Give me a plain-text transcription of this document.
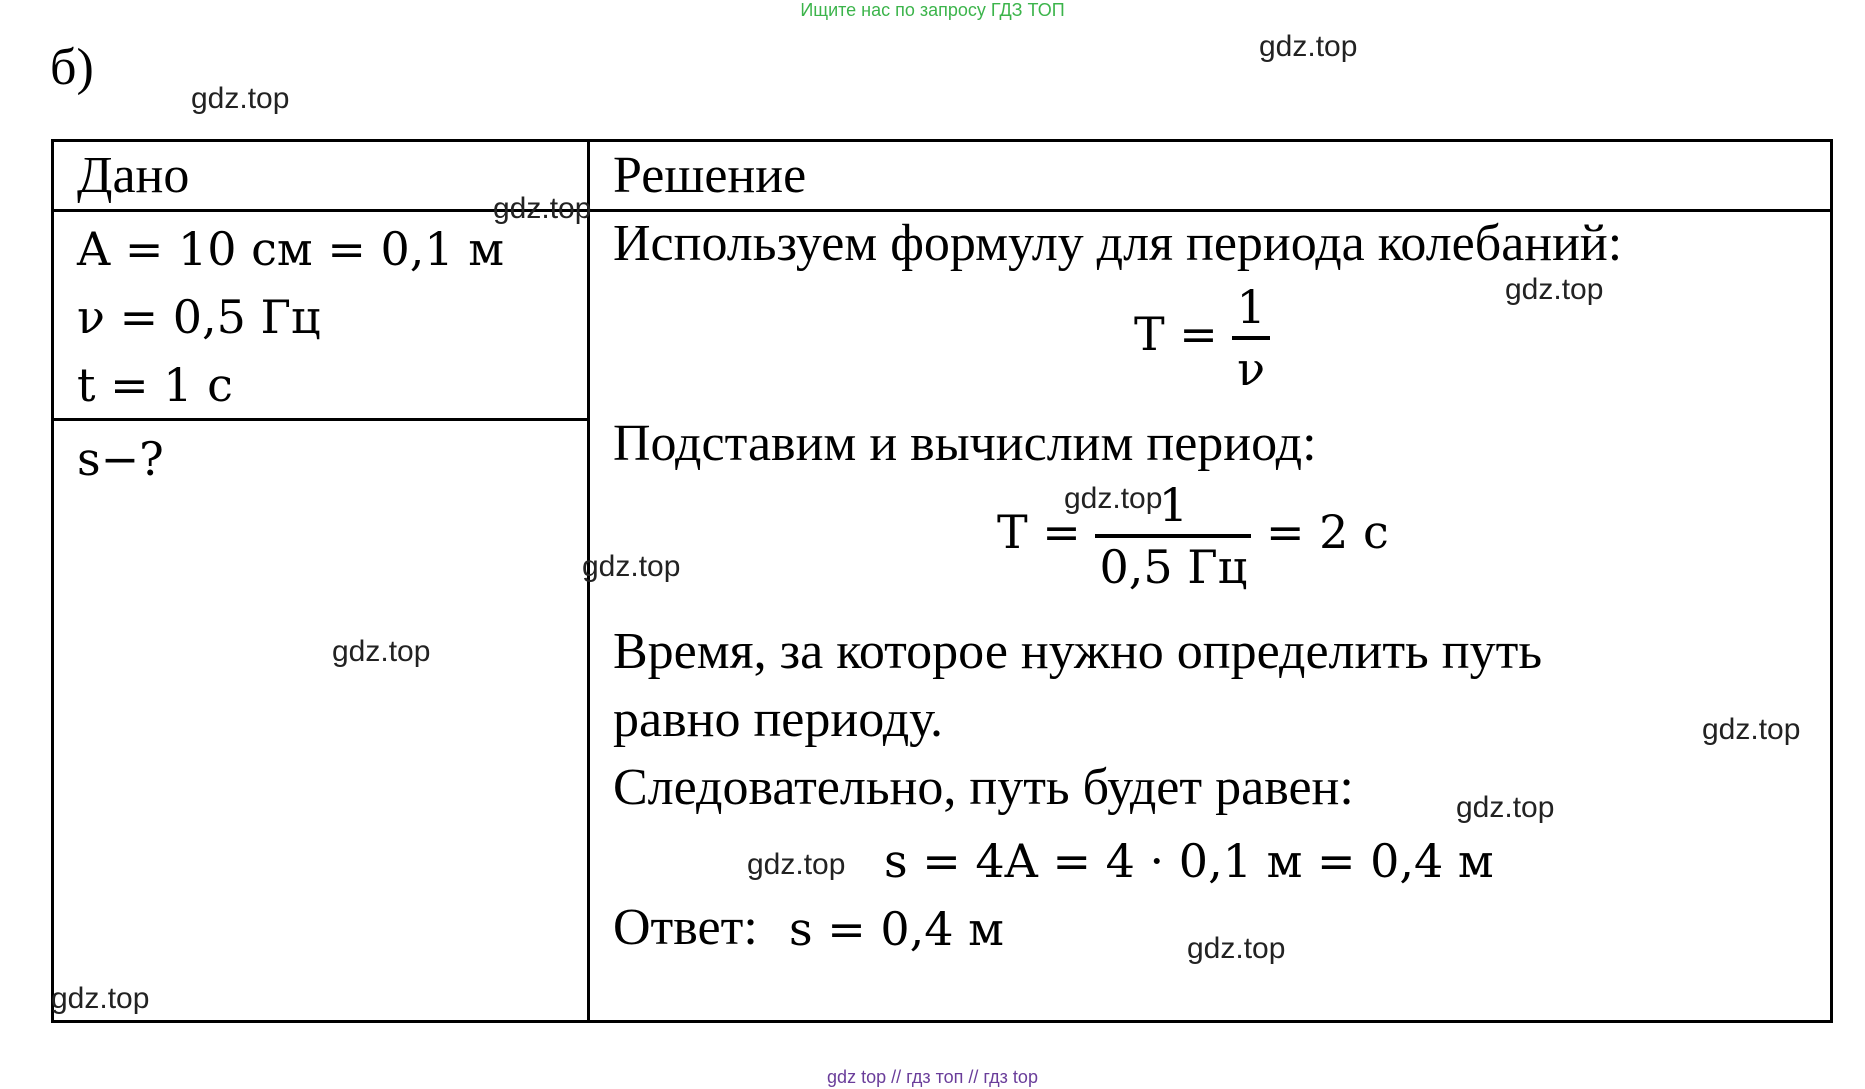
Ищите нас по запросу ГДЗ ТОП
б)
Дано	Решение
A = 10 см = 0,1 м
ν = 0,5 Гц
t = 1 c
s−?
Используем формулу для периода колебаний:
$T = \frac{1}{\nu}$
Подставим и вычислим период:
$T = \frac{1}{0,5 Гц} = 2$ c
Время, за которое нужно определить путь
равно периоду.
Следовательно, путь будет равен:
s = 4A = 4 · 0,1 м = 0,4 м
Ответ: s = 0,4 м
gdz.top
gdz.top
gdz.top
gdz.top
gdz.top
gdz.top
gdz.top
gdz.top
gdz.top
gdz.top
gdz.top
gdz.top
gdz top // гдз топ // гдз top
